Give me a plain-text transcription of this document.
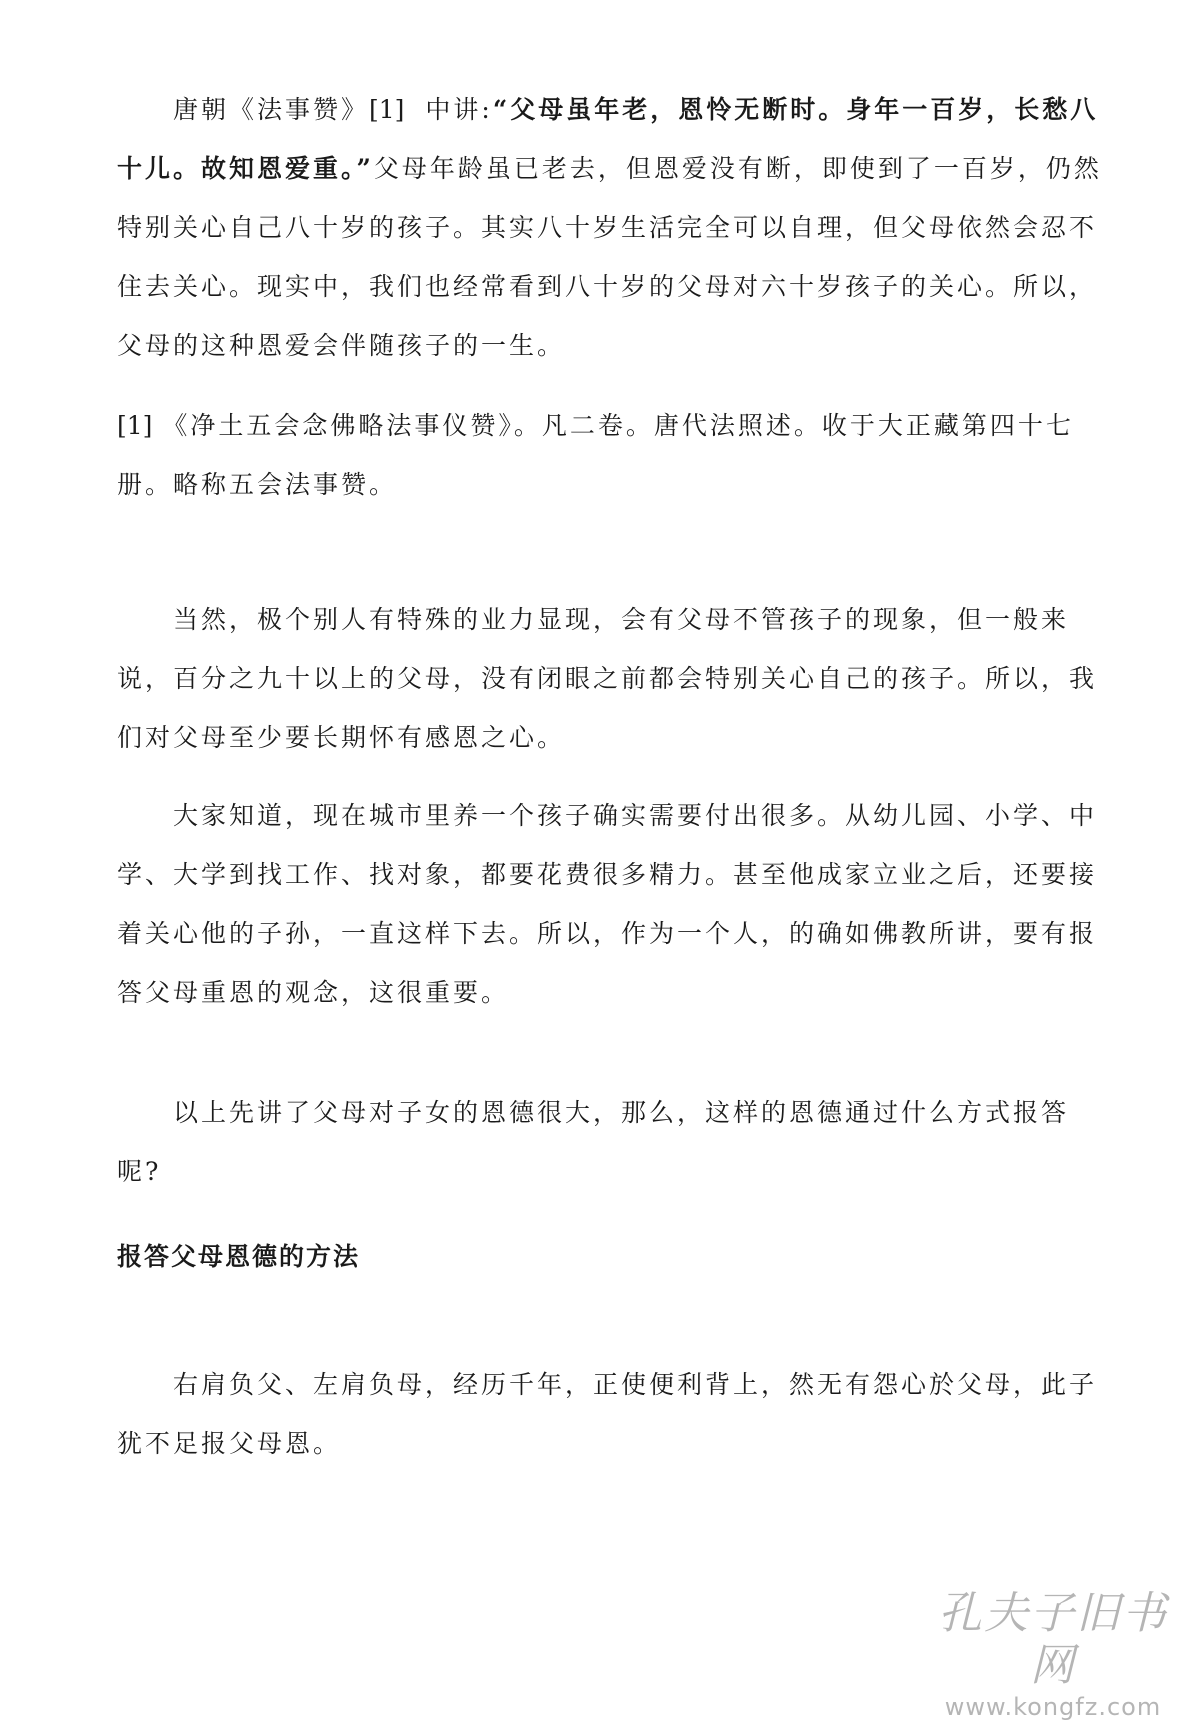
唐朝《法事赞》[1] 中讲:“父母虽年老，恩怜无断时。身年一百岁，长愁八十儿。故知恩爱重。”父母年龄虽已老去，但恩爱没有断，即使到了一百岁，仍然特别关心自己八十岁的孩子。其实八十岁生活完全可以自理，但父母依然会忍不住去关心。现实中，我们也经常看到八十岁的父母对六十岁孩子的关心。所以，父母的这种恩爱会伴随孩子的一生。

[1] 《净土五会念佛略法事仪赞》。凡二卷。唐代法照述。收于大正藏第四十七册。略称五会法事赞。

当然，极个别人有特殊的业力显现，会有父母不管孩子的现象，但一般来说，百分之九十以上的父母，没有闭眼之前都会特别关心自己的孩子。所以，我们对父母至少要长期怀有感恩之心。

大家知道，现在城市里养一个孩子确实需要付出很多。从幼儿园、小学、中学、大学到找工作、找对象，都要花费很多精力。甚至他成家立业之后，还要接着关心他的子孙，一直这样下去。所以，作为一个人，的确如佛教所讲，要有报答父母重恩的观念，这很重要。

以上先讲了父母对子女的恩德很大，那么，这样的恩德通过什么方式报答呢?

报答父母恩德的方法

右肩负父、左肩负母，经历千年，正使便利背上，然无有怨心於父母，此子犹不足报父母恩。

孔夫子旧书网
www.kongfz.com
